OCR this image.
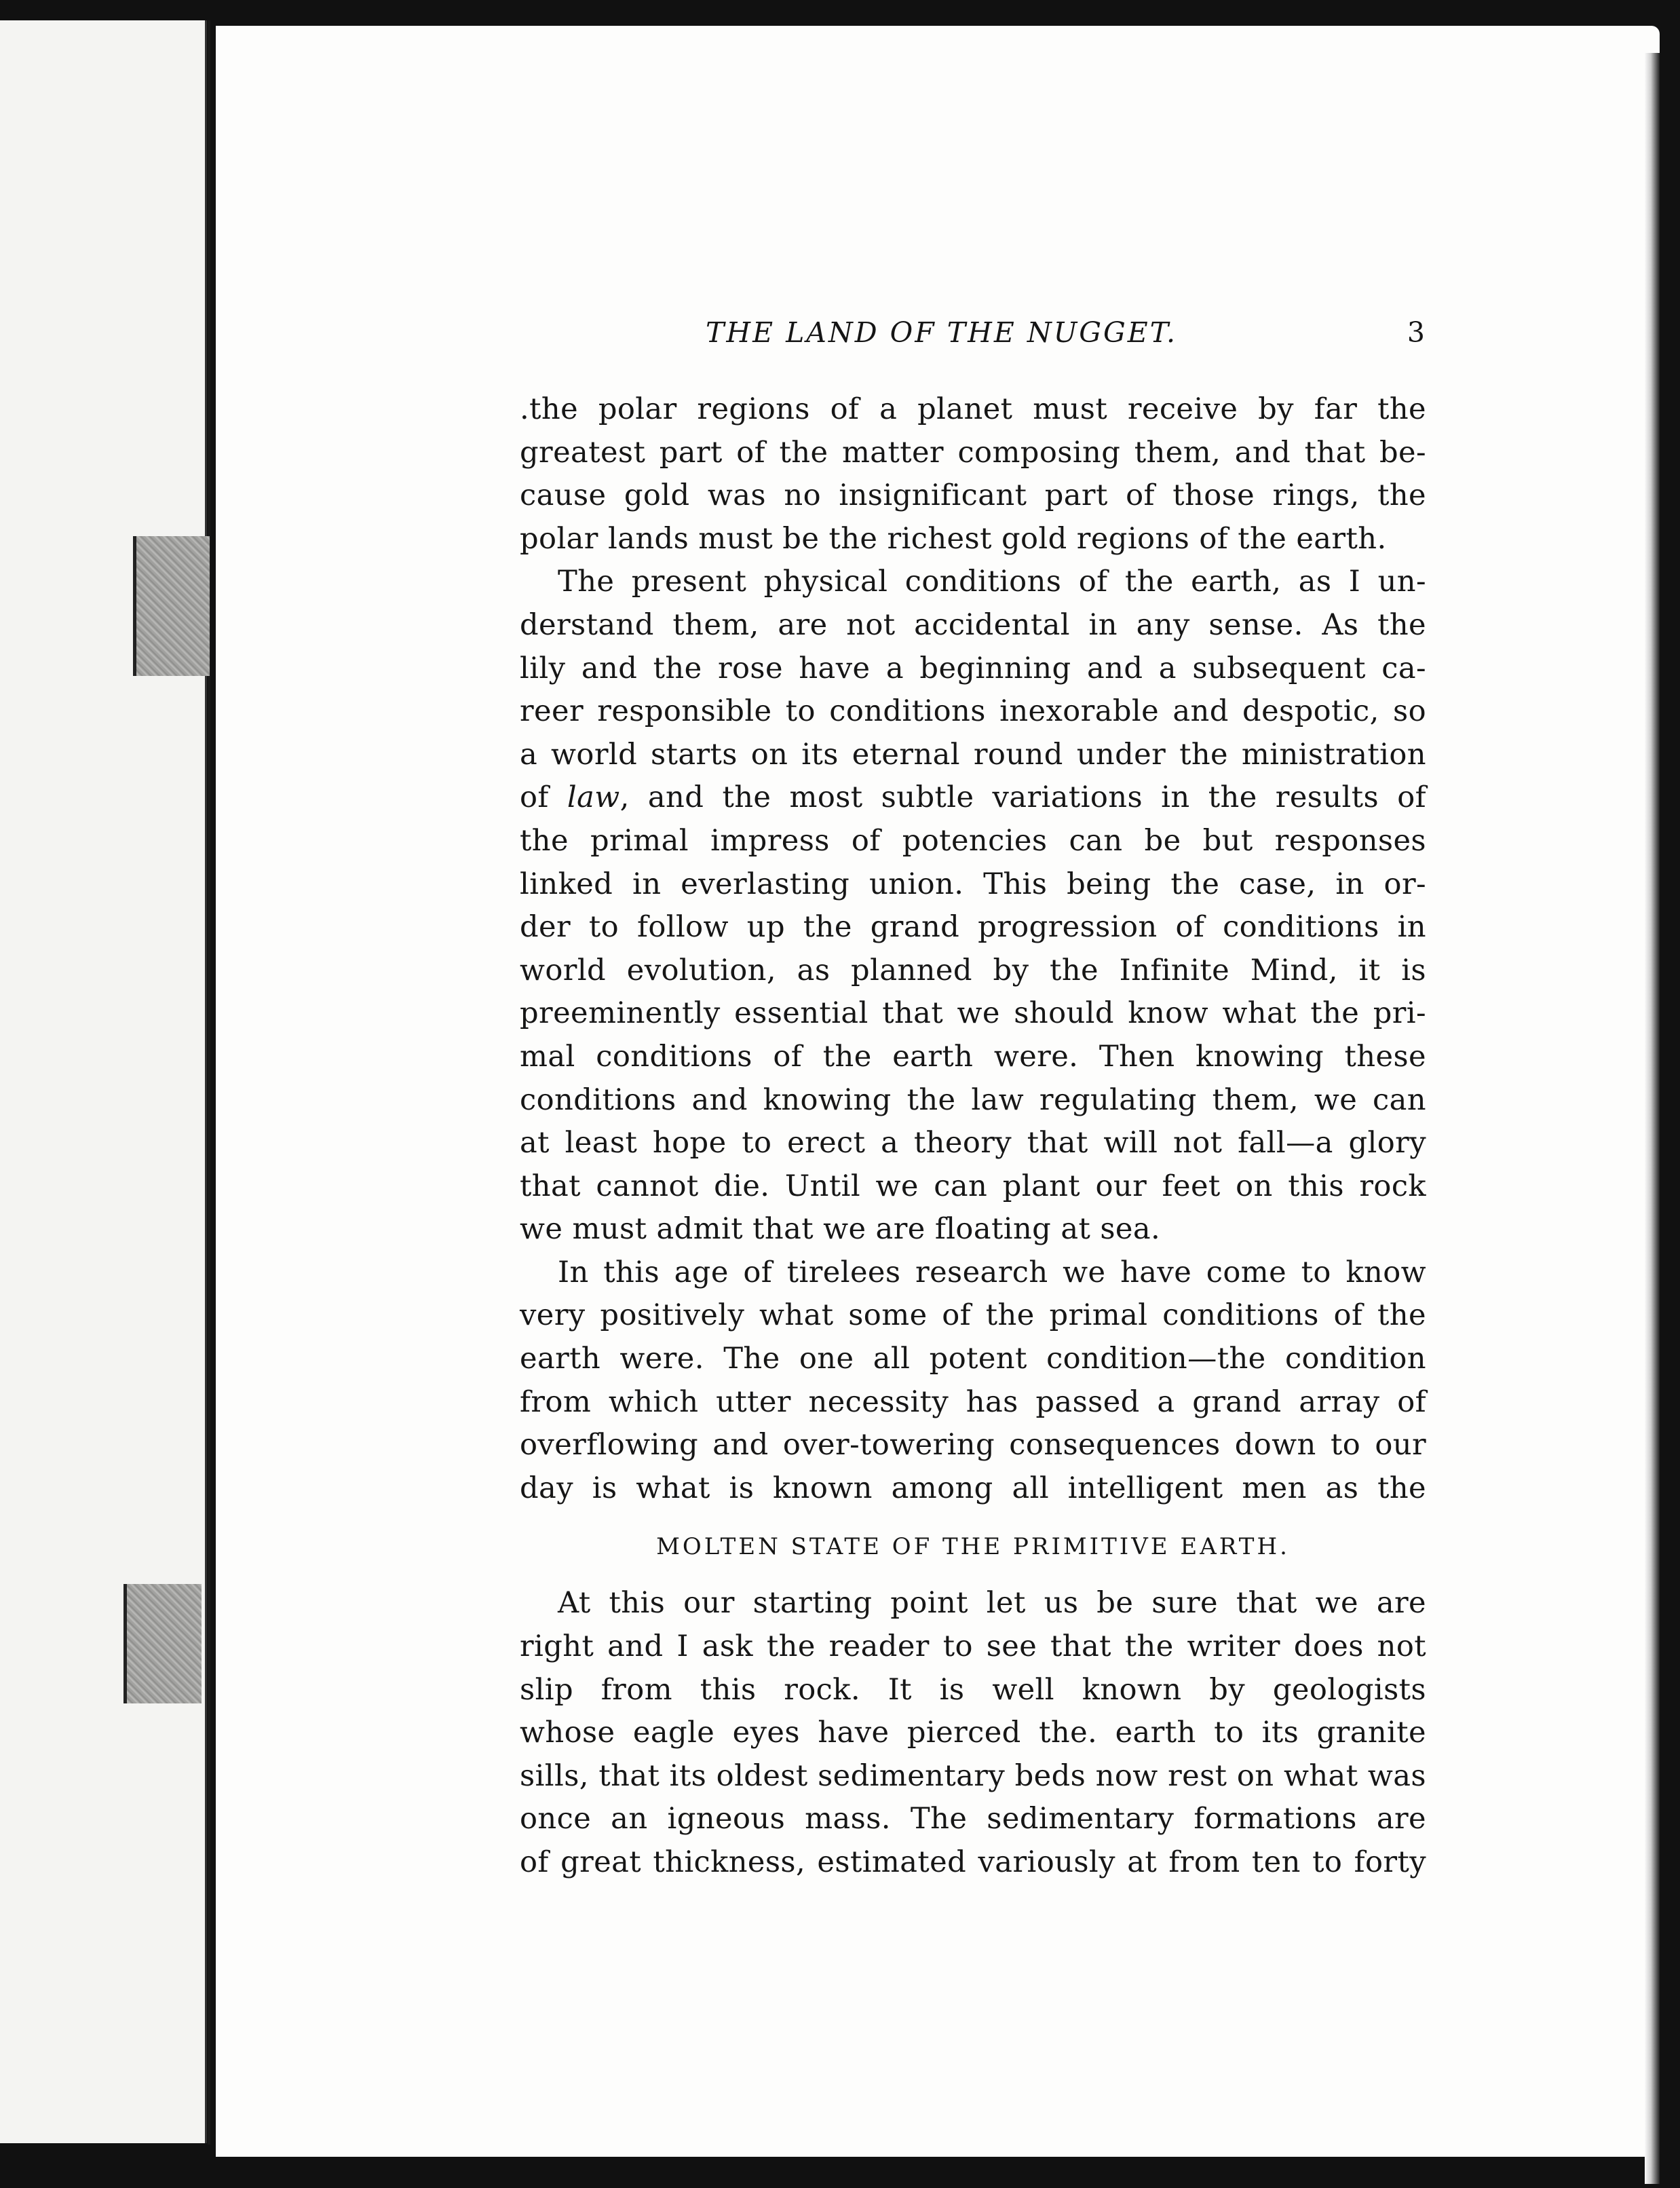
THE LAND OF THE NUGGET.	3

.the polar regions of a planet must receive by far the
greatest part of the matter composing them, and that be-
cause gold was no insignificant part of those rings, the
polar lands must be the richest gold regions of the earth.

The present physical conditions of the earth, as I un-
derstand them, are not accidental in any sense. As the
lily and the rose have a beginning and a subsequent ca-
reer responsible to conditions inexorable and despotic, so
a world starts on its eternal round under the ministration
of law, and the most subtle variations in the results of
the primal impress of potencies can be but responses
linked in everlasting union. This being the case, in or-
der to follow up the grand progression of conditions in
world evolution, as planned by the Infinite Mind, it is
preeminently essential that we should know what the pri-
mal conditions of the earth were. Then knowing these
conditions and knowing the law regulating them, we can
at least hope to erect a theory that will not fall—a glory
that cannot die. Until we can plant our feet on this rock
we must admit that we are floating at sea.

In this age of tirelees research we have come to know
very positively what some of the primal conditions of the
earth were. The one all potent condition—the condition
from which utter necessity has passed a grand array of
overflowing and over-towering consequences down to our
day is what is known among all intelligent men as the

MOLTEN STATE OF THE PRIMITIVE EARTH.

At this our starting point let us be sure that we are
right and I ask the reader to see that the writer does not
slip from this rock. It is well known by geologists
whose eagle eyes have pierced the. earth to its granite
sills, that its oldest sedimentary beds now rest on what was
once an igneous mass. The sedimentary formations are
of great thickness, estimated variously at from ten to forty
